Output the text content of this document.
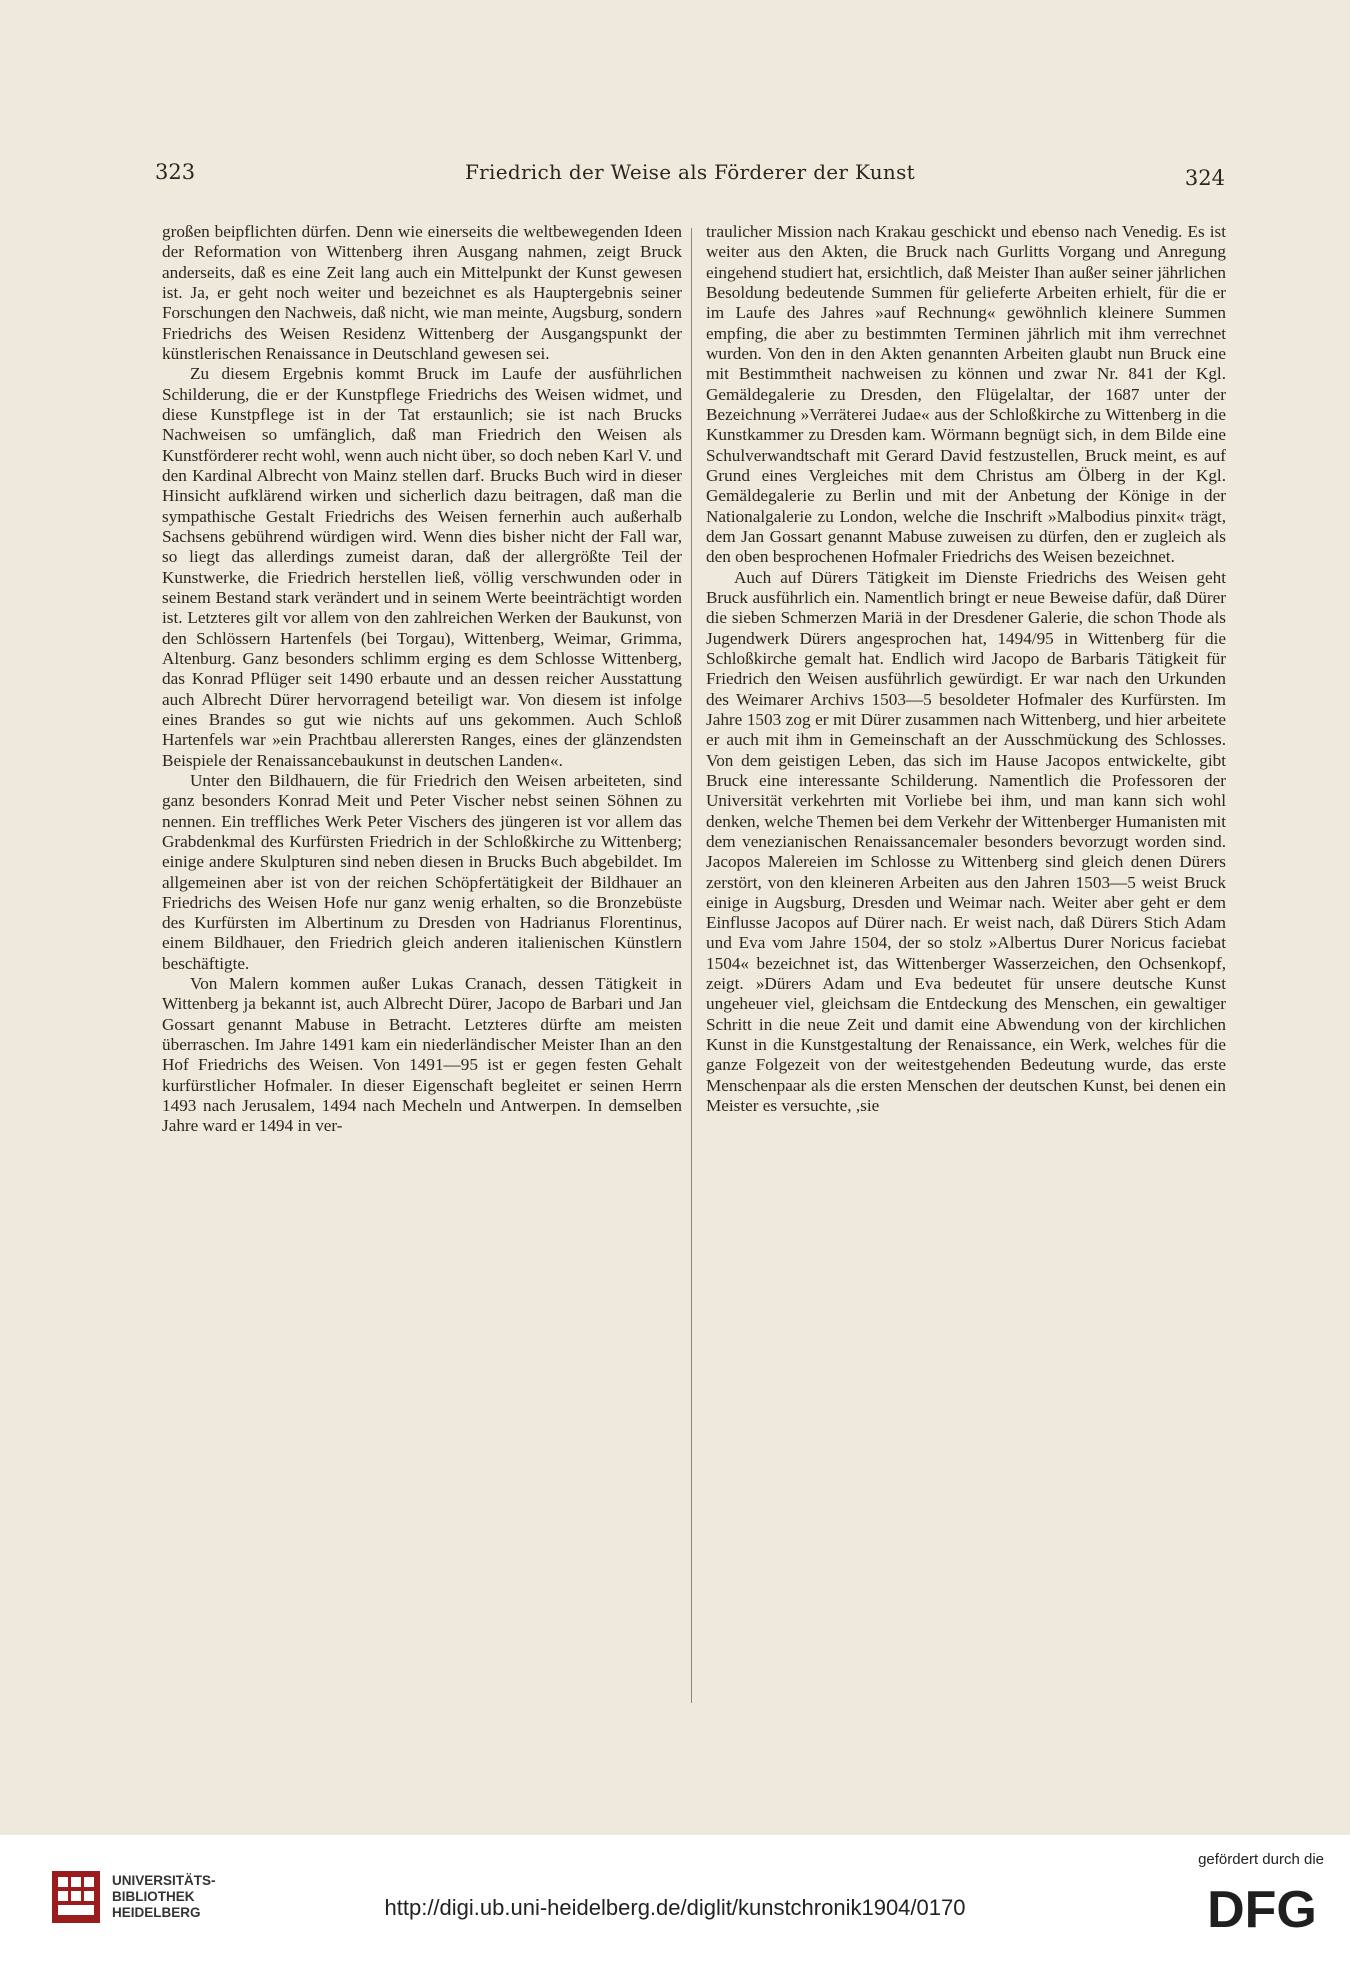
323	Friedrich der Weise als Förderer der Kunst	324

großen beipflichten dürfen. Denn wie einerseits die weltbewegenden Ideen der Reformation von Wittenberg ihren Ausgang nahmen, zeigt Bruck anderseits, daß es eine Zeit lang auch ein Mittelpunkt der Kunst gewesen ist. Ja, er geht noch weiter und bezeichnet es als Hauptergebnis seiner Forschungen den Nachweis, daß nicht, wie man meinte, Augsburg, sondern Friedrichs des Weisen Residenz Wittenberg der Ausgangspunkt der künstlerischen Renaissance in Deutschland gewesen sei.

Zu diesem Ergebnis kommt Bruck im Laufe der ausführlichen Schilderung, die er der Kunstpflege Friedrichs des Weisen widmet, und diese Kunstpflege ist in der Tat erstaunlich; sie ist nach Brucks Nachweisen so umfänglich, daß man Friedrich den Weisen als Kunstförderer recht wohl, wenn auch nicht über, so doch neben Karl V. und den Kardinal Albrecht von Mainz stellen darf. Brucks Buch wird in dieser Hinsicht aufklärend wirken und sicherlich dazu beitragen, daß man die sympathische Gestalt Friedrichs des Weisen fernerhin auch außerhalb Sachsens gebührend würdigen wird. Wenn dies bisher nicht der Fall war, so liegt das allerdings zumeist daran, daß der allergrößte Teil der Kunstwerke, die Friedrich herstellen ließ, völlig verschwunden oder in seinem Bestand stark verändert und in seinem Werte beeinträchtigt worden ist. Letzteres gilt vor allem von den zahlreichen Werken der Baukunst, von den Schlössern Hartenfels (bei Torgau), Wittenberg, Weimar, Grimma, Altenburg. Ganz besonders schlimm erging es dem Schlosse Wittenberg, das Konrad Pflüger seit 1490 erbaute und an dessen reicher Ausstattung auch Albrecht Dürer hervorragend beteiligt war. Von diesem ist infolge eines Brandes so gut wie nichts auf uns gekommen. Auch Schloß Hartenfels war »ein Prachtbau allerersten Ranges, eines der glänzendsten Beispiele der Renaissancebaukunst in deutschen Landen«.

Unter den Bildhauern, die für Friedrich den Weisen arbeiteten, sind ganz besonders Konrad Meit und Peter Vischer nebst seinen Söhnen zu nennen. Ein treffliches Werk Peter Vischers des jüngeren ist vor allem das Grabdenkmal des Kurfürsten Friedrich in der Schloßkirche zu Wittenberg; einige andere Skulpturen sind neben diesen in Brucks Buch abgebildet. Im allgemeinen aber ist von der reichen Schöpfertätigkeit der Bildhauer an Friedrichs des Weisen Hofe nur ganz wenig erhalten, so die Bronzebüste des Kurfürsten im Albertinum zu Dresden von Hadrianus Florentinus, einem Bildhauer, den Friedrich gleich anderen italienischen Künstlern beschäftigte.

Von Malern kommen außer Lukas Cranach, dessen Tätigkeit in Wittenberg ja bekannt ist, auch Albrecht Dürer, Jacopo de Barbari und Jan Gossart genannt Mabuse in Betracht. Letzteres dürfte am meisten überraschen. Im Jahre 1491 kam ein niederländischer Meister Ihan an den Hof Friedrichs des Weisen. Von 1491—95 ist er gegen festen Gehalt kurfürstlicher Hofmaler. In dieser Eigenschaft begleitet er seinen Herrn 1493 nach Jerusalem, 1494 nach Mecheln und Antwerpen. In demselben Jahre ward er 1494 in ver-

traulicher Mission nach Krakau geschickt und ebenso nach Venedig. Es ist weiter aus den Akten, die Bruck nach Gurlitts Vorgang und Anregung eingehend studiert hat, ersichtlich, daß Meister Ihan außer seiner jährlichen Besoldung bedeutende Summen für gelieferte Arbeiten erhielt, für die er im Laufe des Jahres »auf Rechnung« gewöhnlich kleinere Summen empfing, die aber zu bestimmten Terminen jährlich mit ihm verrechnet wurden. Von den in den Akten genannten Arbeiten glaubt nun Bruck eine mit Bestimmtheit nachweisen zu können und zwar Nr. 841 der Kgl. Gemäldegalerie zu Dresden, den Flügelaltar, der 1687 unter der Bezeichnung »Verräterei Judae« aus der Schloßkirche zu Wittenberg in die Kunstkammer zu Dresden kam. Wörmann begnügt sich, in dem Bilde eine Schulverwandtschaft mit Gerard David festzustellen, Bruck meint, es auf Grund eines Vergleiches mit dem Christus am Ölberg in der Kgl. Gemäldegalerie zu Berlin und mit der Anbetung der Könige in der Nationalgalerie zu London, welche die Inschrift »Malbodius pinxit« trägt, dem Jan Gossart genannt Mabuse zuweisen zu dürfen, den er zugleich als den oben besprochenen Hofmaler Friedrichs des Weisen bezeichnet.

Auch auf Dürers Tätigkeit im Dienste Friedrichs des Weisen geht Bruck ausführlich ein. Namentlich bringt er neue Beweise dafür, daß Dürer die sieben Schmerzen Mariä in der Dresdener Galerie, die schon Thode als Jugendwerk Dürers angesprochen hat, 1494/95 in Wittenberg für die Schloßkirche gemalt hat. Endlich wird Jacopo de Barbaris Tätigkeit für Friedrich den Weisen ausführlich gewürdigt. Er war nach den Urkunden des Weimarer Archivs 1503—5 besoldeter Hofmaler des Kurfürsten. Im Jahre 1503 zog er mit Dürer zusammen nach Wittenberg, und hier arbeitete er auch mit ihm in Gemeinschaft an der Ausschmückung des Schlosses. Von dem geistigen Leben, das sich im Hause Jacopos entwickelte, gibt Bruck eine interessante Schilderung. Namentlich die Professoren der Universität verkehrten mit Vorliebe bei ihm, und man kann sich wohl denken, welche Themen bei dem Verkehr der Wittenberger Humanisten mit dem venezianischen Renaissancemaler besonders bevorzugt worden sind. Jacopos Malereien im Schlosse zu Wittenberg sind gleich denen Dürers zerstört, von den kleineren Arbeiten aus den Jahren 1503—5 weist Bruck einige in Augsburg, Dresden und Weimar nach. Weiter aber geht er dem Einflusse Jacopos auf Dürer nach. Er weist nach, daß Dürers Stich Adam und Eva vom Jahre 1504, der so stolz »Albertus Durer Noricus faciebat 1504« bezeichnet ist, das Wittenberger Wasserzeichen, den Ochsenkopf, zeigt. »Dürers Adam und Eva bedeutet für unsere deutsche Kunst ungeheuer viel, gleichsam die Entdeckung des Menschen, ein gewaltiger Schritt in die neue Zeit und damit eine Abwendung von der kirchlichen Kunst in die Kunstgestaltung der Renaissance, ein Werk, welches für die ganze Folgezeit von der weitestgehenden Bedeutung wurde, das erste Menschenpaar als die ersten Menschen der deutschen Kunst, bei denen ein Meister es versuchte, ,sie

UNIVERSITÄTS-
BIBLIOTHEK
HEIDELBERG	http://digi.ub.uni-heidelberg.de/diglit/kunstchronik1904/0170
gefördert durch die
DFG
